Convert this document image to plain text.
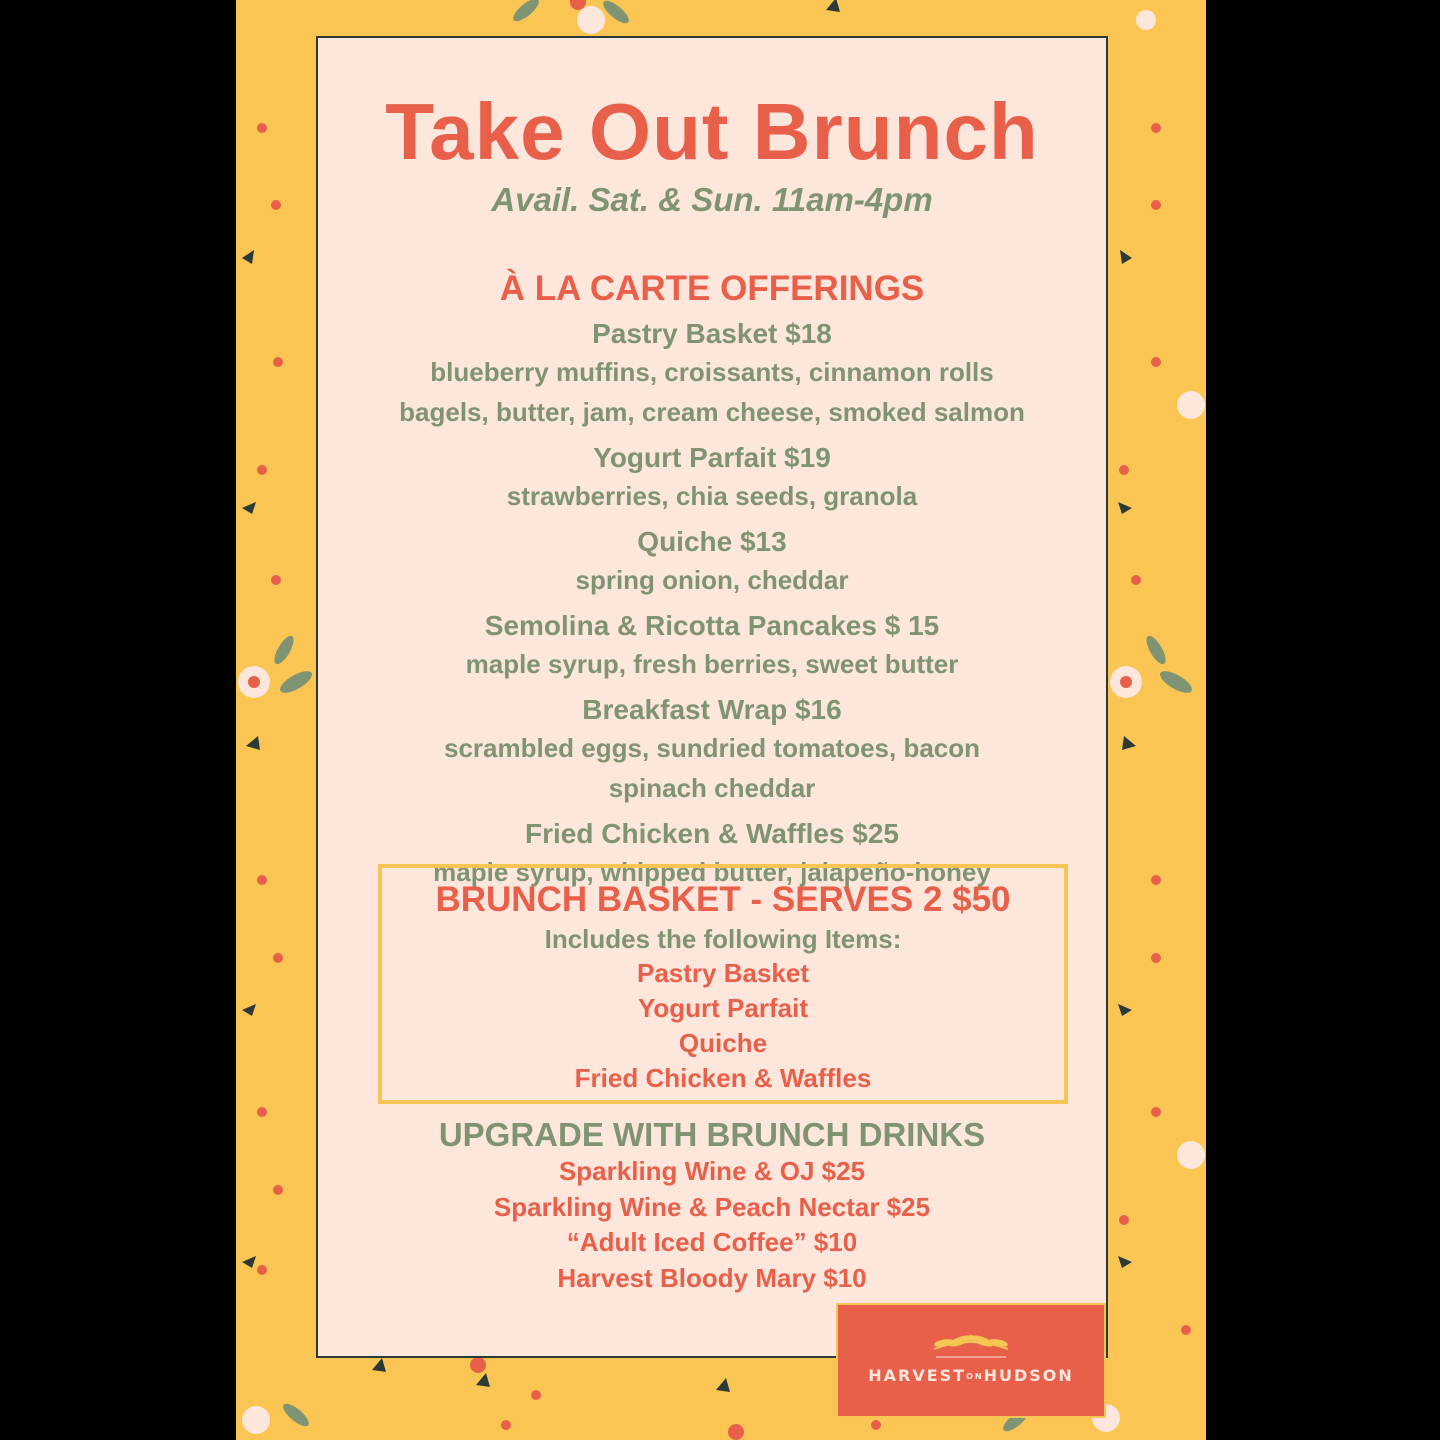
Take Out Brunch
Avail. Sat. & Sun. 11am-4pm
À LA CARTE OFFERINGS
Pastry Basket $18
blueberry muffins, croissants, cinnamon rolls
bagels, butter, jam, cream cheese, smoked salmon
Yogurt Parfait $19
strawberries, chia seeds, granola
Quiche $13
spring onion, cheddar
Semolina & Ricotta Pancakes $ 15
maple syrup, fresh berries, sweet butter
Breakfast Wrap $16
scrambled eggs, sundried tomatoes, bacon
spinach cheddar
Fried Chicken & Waffles $25
maple syrup, whipped butter, jalapeño-honey
BRUNCH BASKET - SERVES 2 $50
Includes the following Items:
Pastry Basket
Yogurt Parfait
Quiche
Fried Chicken & Waffles
UPGRADE WITH BRUNCH DRINKS
Sparkling Wine & OJ $25
Sparkling Wine & Peach Nectar $25
“Adult Iced Coffee” $10
Harvest Bloody Mary $10
HARVESTONHUDSON
